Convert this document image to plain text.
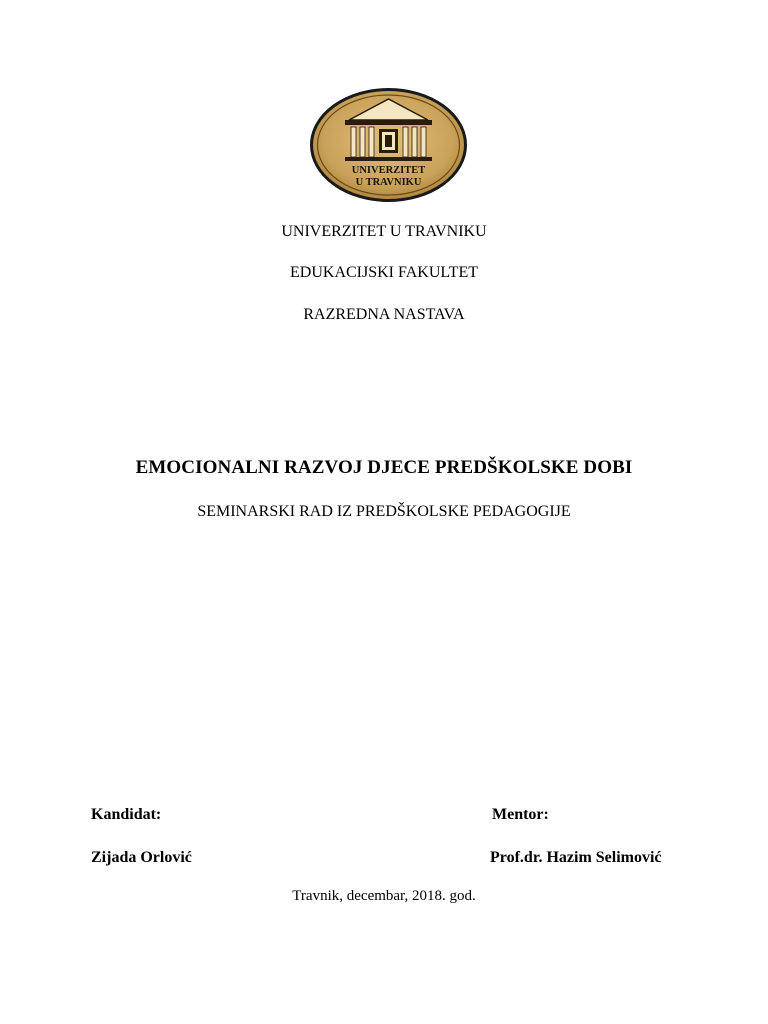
UNIVERZITET
U TRAVNIKU
UNIVERZITET U TRAVNIKU
EDUKACIJSKI FAKULTET
RAZREDNA NASTAVA
EMOCIONALNI RAZVOJ DJECE PREDŠKOLSKE DOBI
SEMINARSKI RAD IZ PREDŠKOLSKE PEDAGOGIJE
Kandidat:
Zijada Orlović
Mentor:
Prof.dr. Hazim Selimović
Travnik, decembar, 2018. god.
